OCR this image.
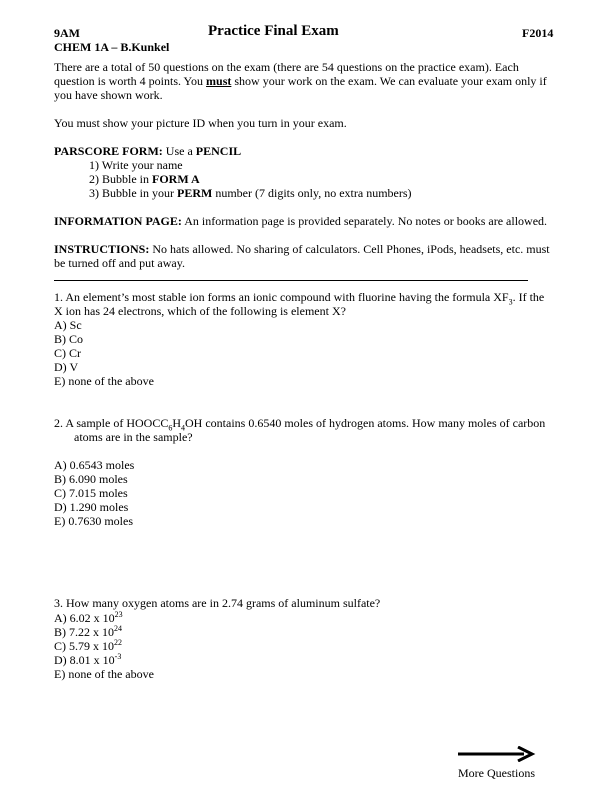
9AM	Practice Final Exam	F2014
CHEM 1A – B.Kunkel
There are a total of 50 questions on the exam (there are 54 questions on the practice exam). Each
question is worth 4 points. You must show your work on the exam. We can evaluate your exam only if
you have shown work.
You must show your picture ID when you turn in your exam.
PARSCORE FORM: Use a PENCIL
1) Write your name
2) Bubble in FORM A
3) Bubble in your PERM number (7 digits only, no extra numbers)
INFORMATION PAGE: An information page is provided separately. No notes or books are allowed.
INSTRUCTIONS: No hats allowed. No sharing of calculators. Cell Phones, iPods, headsets, etc. must
be turned off and put away.
1. An element’s most stable ion forms an ionic compound with fluorine having the formula $XF_3$. If the
X ion has 24 electrons, which of the following is element X?
A) Sc
B) Co
C) Cr
D) V
E) none of the above
2. A sample of $HOOCC_6H_4OH$ contains 0.6540 moles of hydrogen atoms. How many moles of carbon
atoms are in the sample?
A) 0.6543 moles
B) 6.090 moles
C) 7.015 moles
D) 1.290 moles
E) 0.7630 moles
3. How many oxygen atoms are in 2.74 grams of aluminum sulfate?
A) 6.02 x $10^{23}$
B) 7.22 x $10^{24}$
C) 5.79 x $10^{22}$
D) 8.01 x $10^{-3}$
E) none of the above
More Questions
